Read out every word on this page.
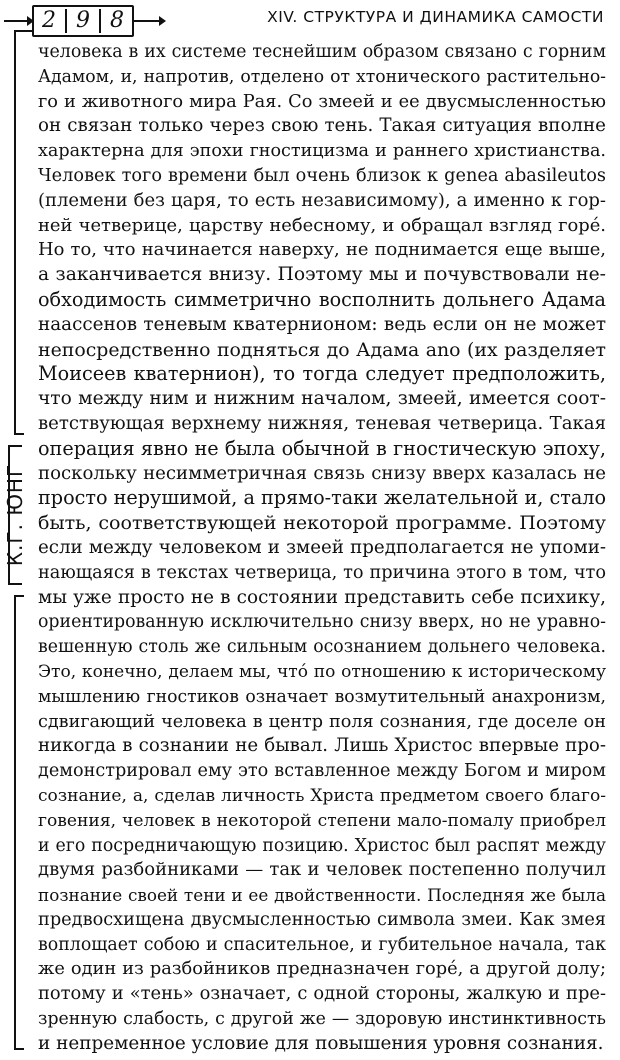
2 9 8	XIV. СТРУКТУРА И ДИНАМИКА САМОСТИ
К.Г. ЮНГ
человека в их системе теснейшим образом связано с горним
Адамом, и, напротив, отделено от хтонического растительно-
го и животного мира Рая. Со змеей и ее двусмысленностью
он связан только через свою тень. Такая ситуация вполне
характерна для эпохи гностицизма и раннего христианства.
Человек того времени был очень близок к genea abasileutos
(племени без царя, то есть независимому), а именно к гор-
ней четверице, царству небесному, и обращал взгляд горé.
Но то, что начинается наверху, не поднимается еще выше,
а заканчивается внизу. Поэтому мы и почувствовали не-
обходимость симметрично восполнить дольнего Адама
наассенов теневым кватернионом: ведь если он не может
непосредственно подняться до Адама ano (их разделяет
Моисеев кватернион), то тогда следует предположить,
что между ним и нижним началом, змеей, имеется соот-
ветствующая верхнему нижняя, теневая четверица. Такая
операция явно не была обычной в гностическую эпоху,
поскольку несимметричная связь снизу вверх казалась не
просто нерушимой, а прямо-таки желательной и, стало
быть, соответствующей некоторой программе. Поэтому
если между человеком и змеей предполагается не упоми-
нающаяся в текстах четверица, то причина этого в том, что
мы уже просто не в состоянии представить себе психику,
ориентированную исключительно снизу вверх, но не уравно-
вешенную столь же сильным осознанием дольнего человека.
Это, конечно, делаем мы, чтó по отношению к историческому
мышлению гностиков означает возмутительный анахронизм,
сдвигающий человека в центр поля сознания, где доселе он
никогда в сознании не бывал. Лишь Христос впервые про-
демонстрировал ему это вставленное между Богом и миром
сознание, а, сделав личность Христа предметом своего благо-
говения, человек в некоторой степени мало-помалу приобрел
и его посредничающую позицию. Христос был распят между
двумя разбойниками — так и человек постепенно получил
познание своей тени и ее двойственности. Последняя же была
предвосхищена двусмысленностью символа змеи. Как змея
воплощает собою и спасительное, и губительное начала, так
же один из разбойников предназначен горé, а другой долу;
потому и «тень» означает, с одной стороны, жалкую и пре-
зренную слабость, с другой же — здоровую инстинктивность
и непременное условие для повышения уровня сознания.
